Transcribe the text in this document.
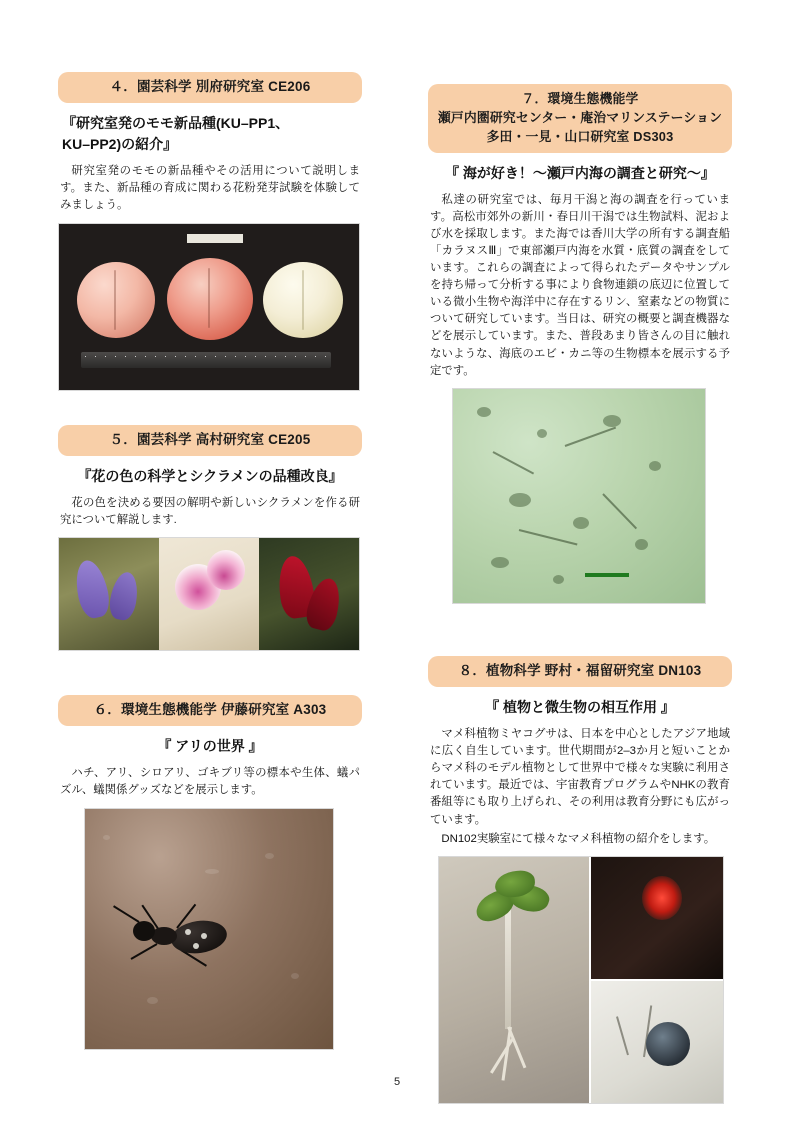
４．園芸科学 別府研究室 CE206
『研究室発のモモ新品種(KU–PP1、
KU–PP2)の紹介』

研究室発のモモの新品種やその活用について説明します。また、新品種の育成に関わる花粉発芽試験を体験してみましょう。

５．園芸科学 高村研究室 CE205
『花の色の科学とシクラメンの品種改良』

花の色を決める要因の解明や新しいシクラメンを作る研究について解説します.

６．環境生態機能学 伊藤研究室 A303
『 アリの世界 』

ハチ、アリ、シロアリ、ゴキブリ等の標本や生体、蟻パズル、蟻関係グッズなどを展示します。

７．環境生態機能学
瀬戸内圏研究センター・庵治マリンステーション
多田・一見・山口研究室 DS303
『 海が好き！～瀬戸内海の調査と研究～』

私達の研究室では、毎月干潟と海の調査を行っています。高松市郊外の新川・春日川干潟では生物試料、泥および水を採取します。また海では香川大学の所有する調査船「カラヌスⅢ」で東部瀬戸内海を水質・底質の調査をしています。これらの調査によって得られたデータやサンプルを持ち帰って分析する事により食物連鎖の底辺に位置している微小生物や海洋中に存在するリン、窒素などの物質について研究しています。当日は、研究の概要と調査機器などを展示しています。また、普段あまり皆さんの目に触れないような、海底のエビ・カニ等の生物標本を展示する予定です。

８．植物科学 野村・福留研究室 DN103
『 植物と微生物の相互作用 』

マメ科植物ミヤコグサは、日本を中心としたアジア地域に広く自生しています。世代期間が2–3か月と短いことからマメ科のモデル植物として世界中で様々な実験に利用されています。最近では、宇宙教育プログラムやNHKの教育番組等にも取り上げられ、その利用は教育分野にも広がっています。

DN102実験室にて様々なマメ科植物の紹介をします。

5
